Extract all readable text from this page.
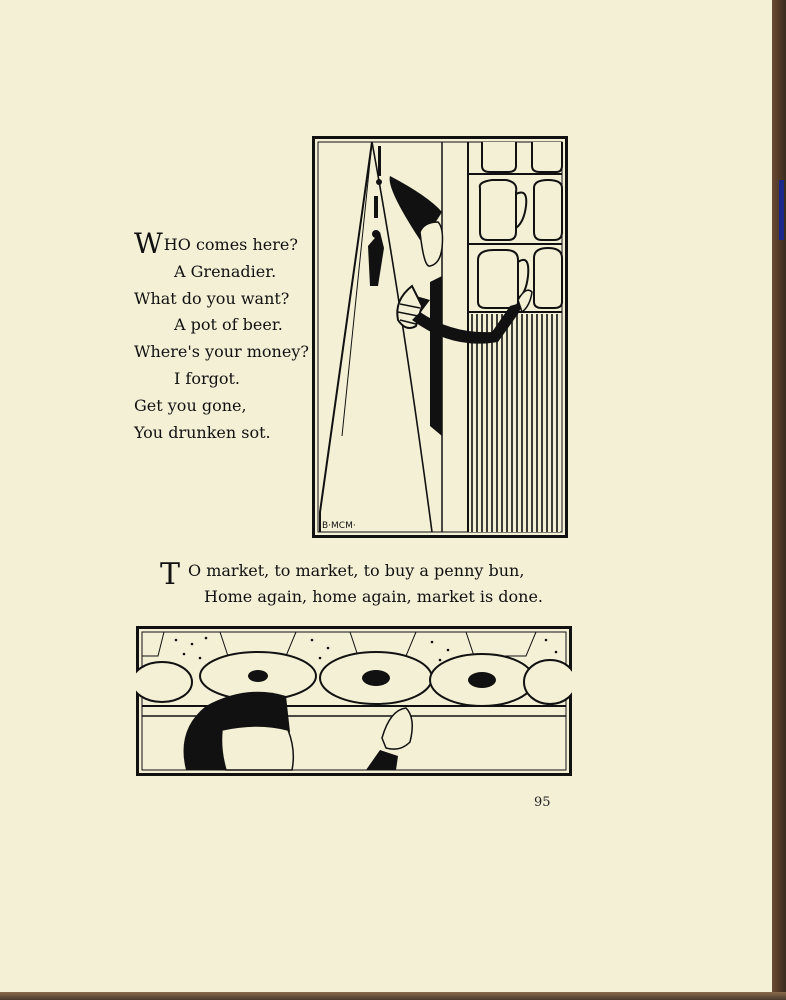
WHO comes here?
A Grenadier.
What do you want?
A pot of beer.
Where's your money?
I forgot.
Get you gone,
You drunken sot.
B·MCM·
T O market, to market, to buy a penny bun,
Home again, home again, market is done.
95
